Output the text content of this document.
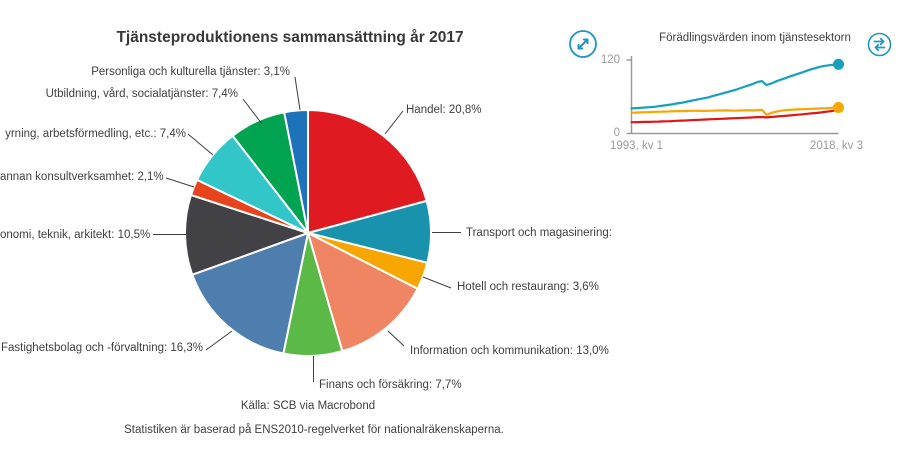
Tjänsteproduktionens sammansättning år 2017
Källa: SCB via Macrobond
Statistiken är baserad på ENS2010-regelverket för nationalräkenskaperna.
Handel: 20,8%
Transport och magasinering:
Hotell och restaurang: 3,6%
Information och kommunikation: 13,0%
Finans och försäkring: 7,7%
Fastighetsbolag och -förvaltning: 16,3%
onomi, teknik, arkitekt: 10,5%
annan konsultverksamhet: 2,1%
yrning, arbetsförmedling, etc.: 7,4%
Utbildning, vård, socialatjänster: 7,4%
Personliga och kulturella tjänster: 3,1%
Förädlingsvärden inom tjänstesektorn
120
0
1993, kv 1	2018, kv 3
